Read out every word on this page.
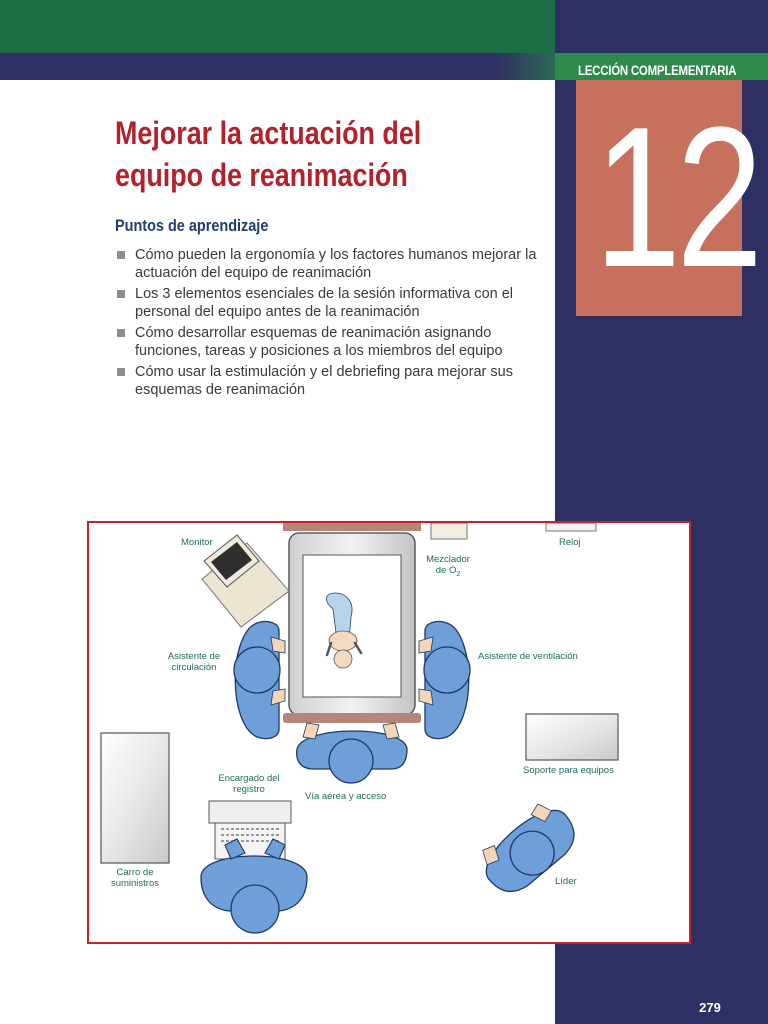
LECCIÓN COMPLEMENTARIA
12
Mejorar la actuación del equipo de reanimación
Puntos de aprendizaje
Cómo pueden la ergonomía y los factores humanos mejorar la actuación del equipo de reanimación
Los 3 elementos esenciales de la sesión informativa con el personal del equipo antes de la reanimación
Cómo desarrollar esquemas de reanimación asignando funciones, tareas y posiciones a los miembros del equipo
Cómo usar la estimulación y el debriefing para mejorar sus esquemas de reanimación
Monitor
Mezclador
de $O_2$
Reloj
Asistente de
circulación
Asistente de ventilación
Soporte para equipos
Encargado del
registro
Vía aérea y acceso
Carro de
suministros	Líder
279
